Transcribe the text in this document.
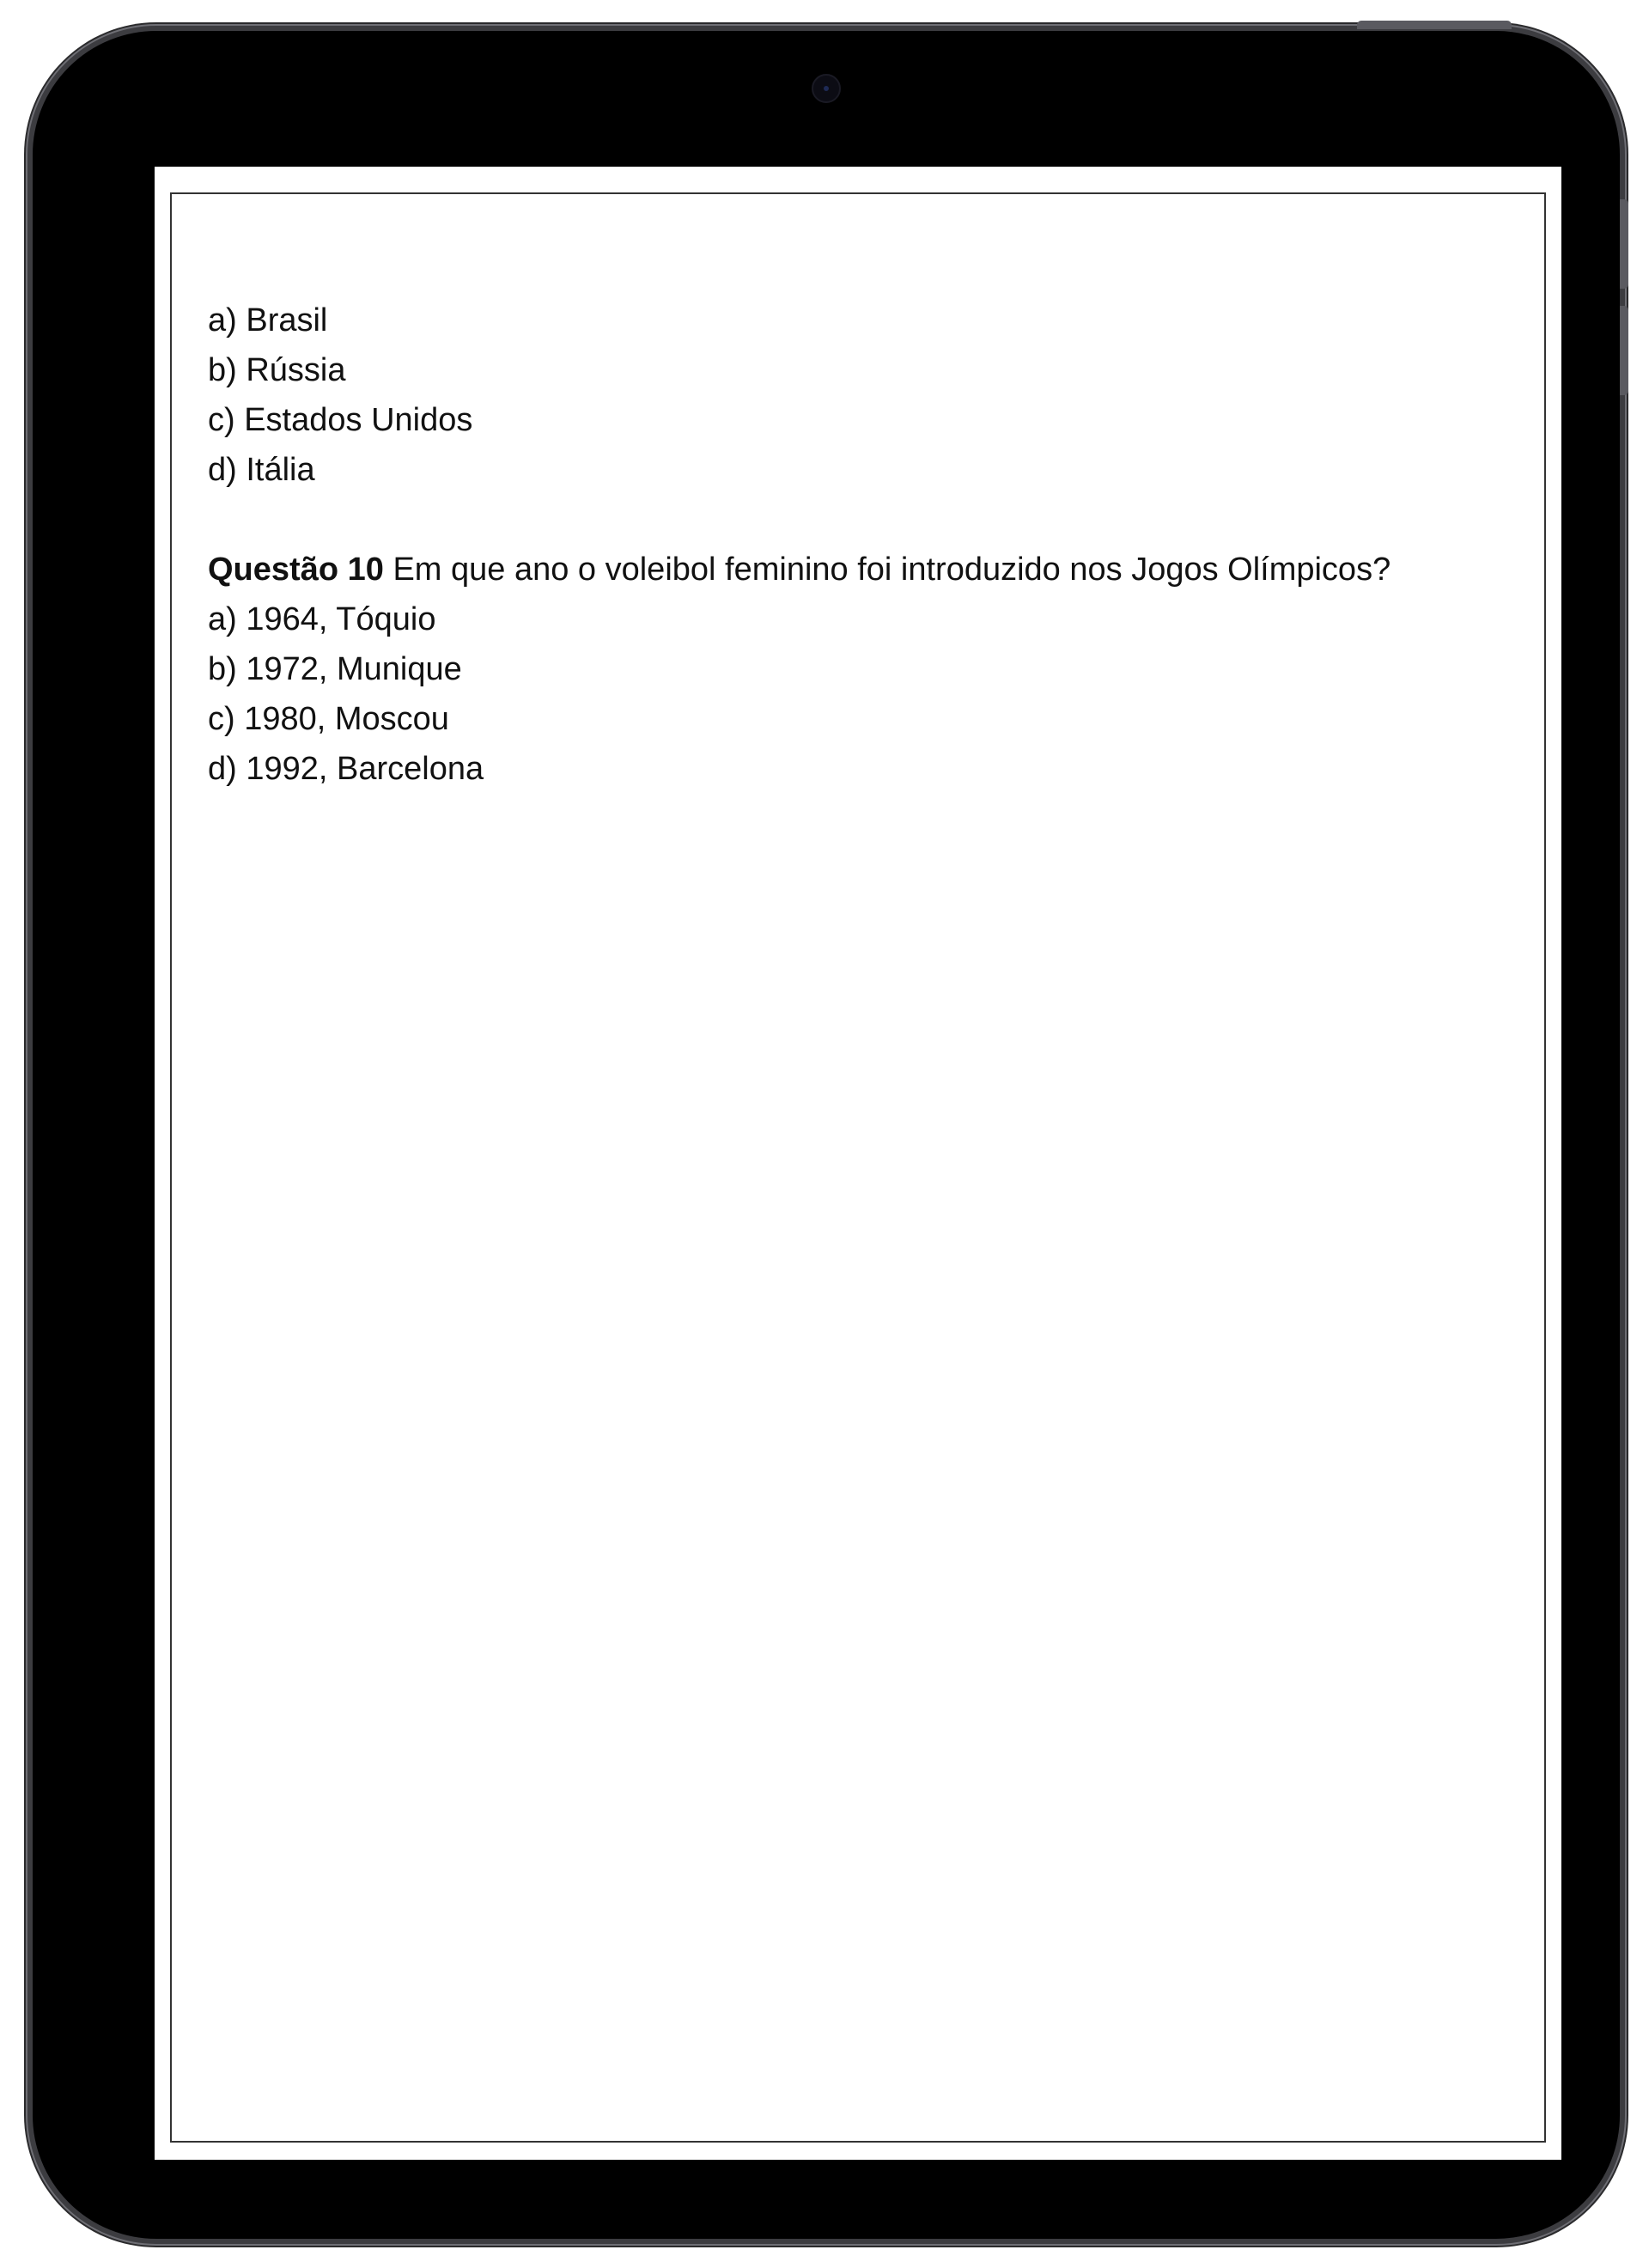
a) Brasil

b) Rússia

c) Estados Unidos

d) Itália

Questão 10 Em que ano o voleibol feminino foi introduzido nos Jogos Olímpicos?

a) 1964, Tóquio

b) 1972, Munique

c) 1980, Moscou

d) 1992, Barcelona
